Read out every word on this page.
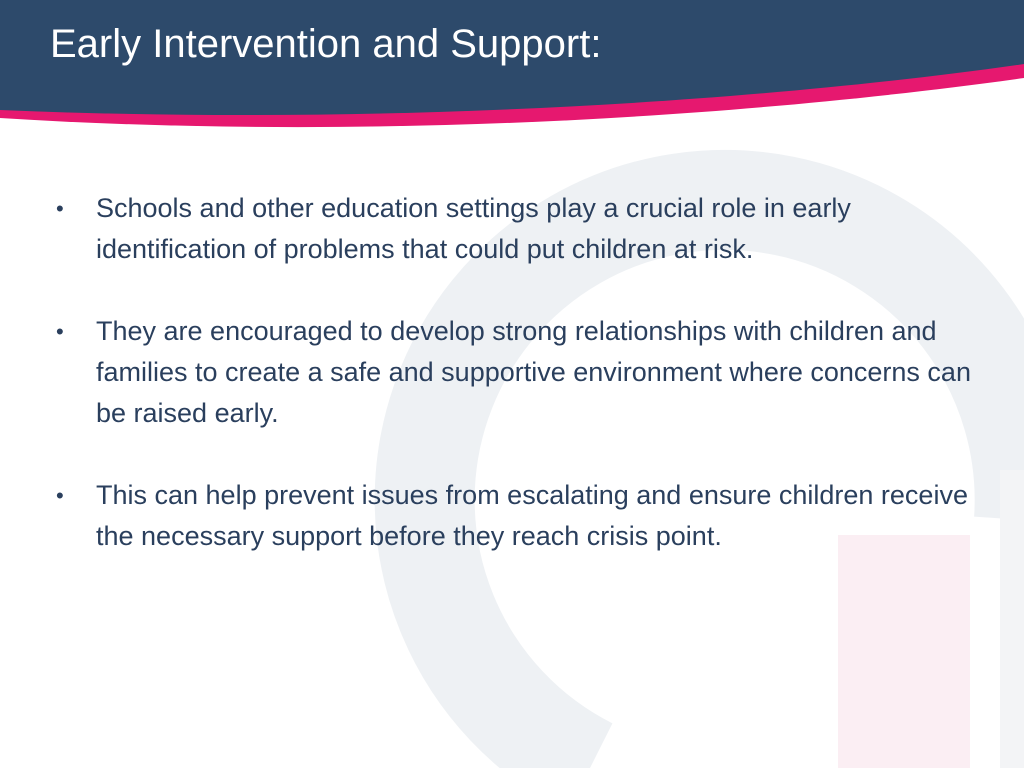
Early Intervention and Support:
• Schools and other education settings play a crucial role in early identification of problems that could put children at risk.
• They are encouraged to develop strong relationships with children and families to create a safe and supportive environment where concerns can be raised early.
• This can help prevent issues from escalating and ensure children receive the necessary support before they reach crisis point.
